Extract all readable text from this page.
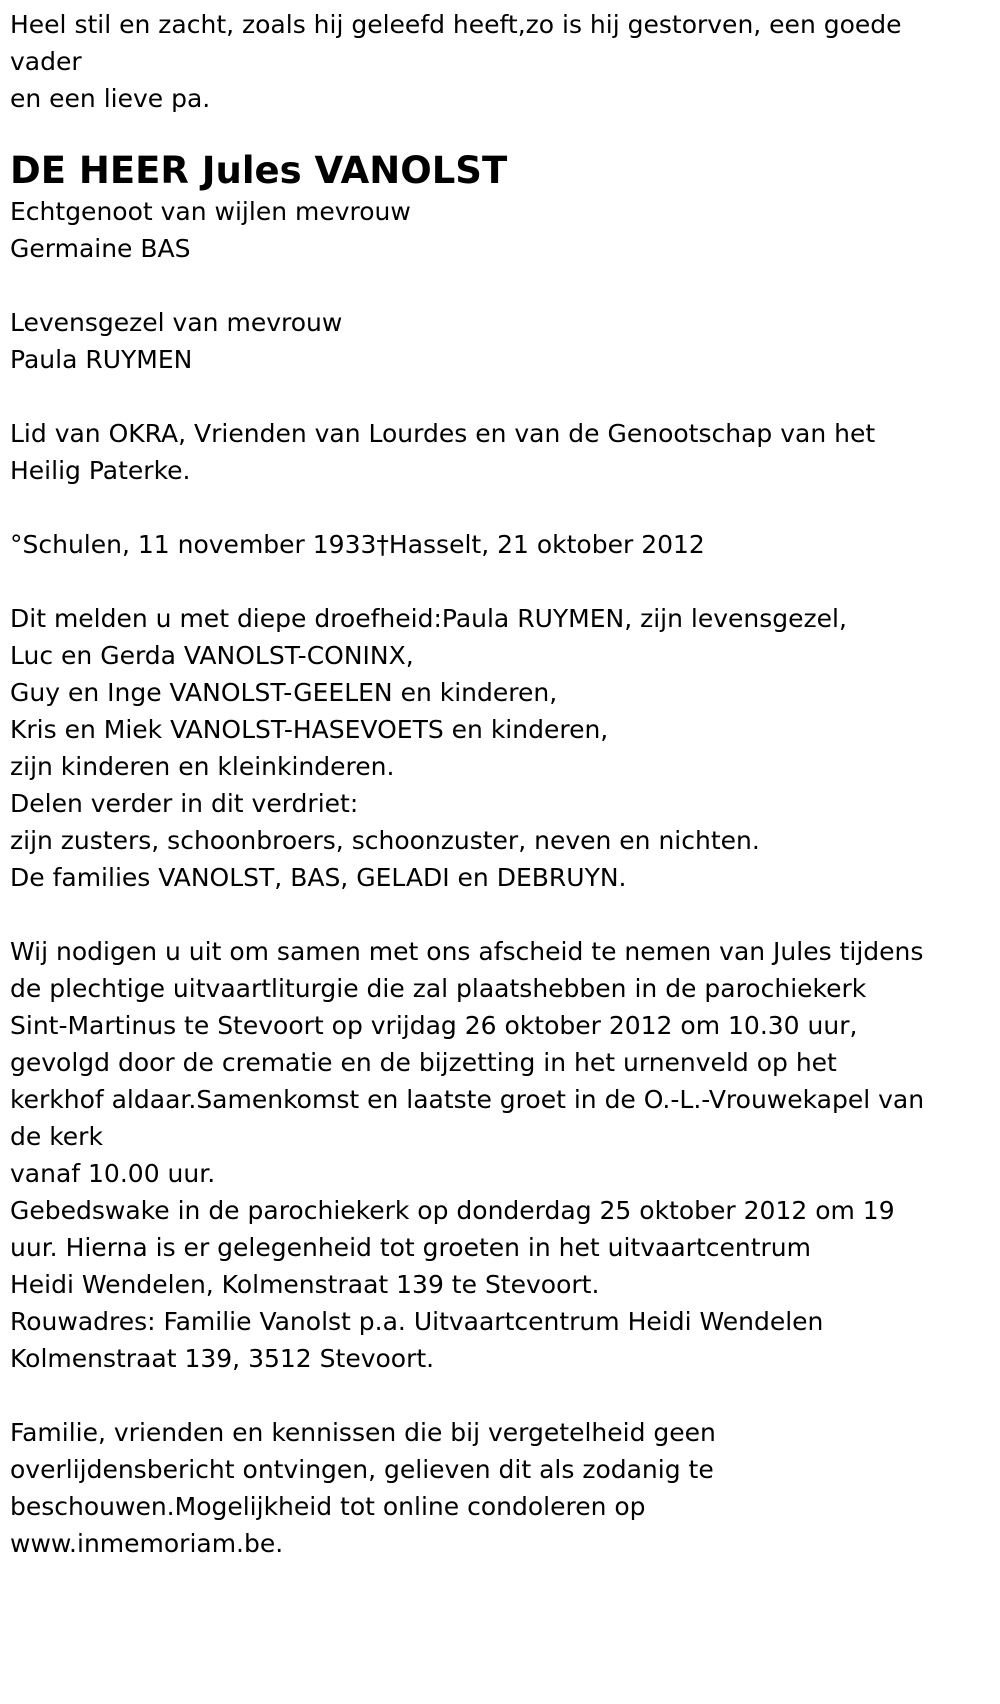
Heel stil en zacht, zoals hij geleefd heeft,zo is hij gestorven, een goede
vader
en een lieve pa.
DE HEER Jules VANOLST
Echtgenoot van wijlen mevrouw
Germaine BAS
Levensgezel van mevrouw
Paula RUYMEN
Lid van OKRA, Vrienden van Lourdes en van de Genootschap van het
Heilig Paterke.
°Schulen, 11 november 1933†Hasselt, 21 oktober 2012
Dit melden u met diepe droefheid:Paula RUYMEN, zijn levensgezel,
Luc en Gerda VANOLST-CONINX,
Guy en Inge VANOLST-GEELEN en kinderen,
Kris en Miek VANOLST-HASEVOETS en kinderen,
zijn kinderen en kleinkinderen.
Delen verder in dit verdriet:
zijn zusters, schoonbroers, schoonzuster, neven en nichten.
De families VANOLST, BAS, GELADI en DEBRUYN.
Wij nodigen u uit om samen met ons afscheid te nemen van Jules tijdens
de plechtige uitvaartliturgie die zal plaatshebben in de parochiekerk
Sint-Martinus te Stevoort op vrijdag 26 oktober 2012 om 10.30 uur,
gevolgd door de crematie en de bijzetting in het urnenveld op het
kerkhof aldaar.Samenkomst en laatste groet in de O.-L.-Vrouwekapel van
de kerk
vanaf 10.00 uur.
Gebedswake in de parochiekerk op donderdag 25 oktober 2012 om 19
uur. Hierna is er gelegenheid tot groeten in het uitvaartcentrum
Heidi Wendelen, Kolmenstraat 139 te Stevoort.
Rouwadres: Familie Vanolst p.a. Uitvaartcentrum Heidi Wendelen
Kolmenstraat 139, 3512 Stevoort.
Familie, vrienden en kennissen die bij vergetelheid geen
overlijdensbericht ontvingen, gelieven dit als zodanig te
beschouwen.Mogelijkheid tot online condoleren op
www.inmemoriam.be.
